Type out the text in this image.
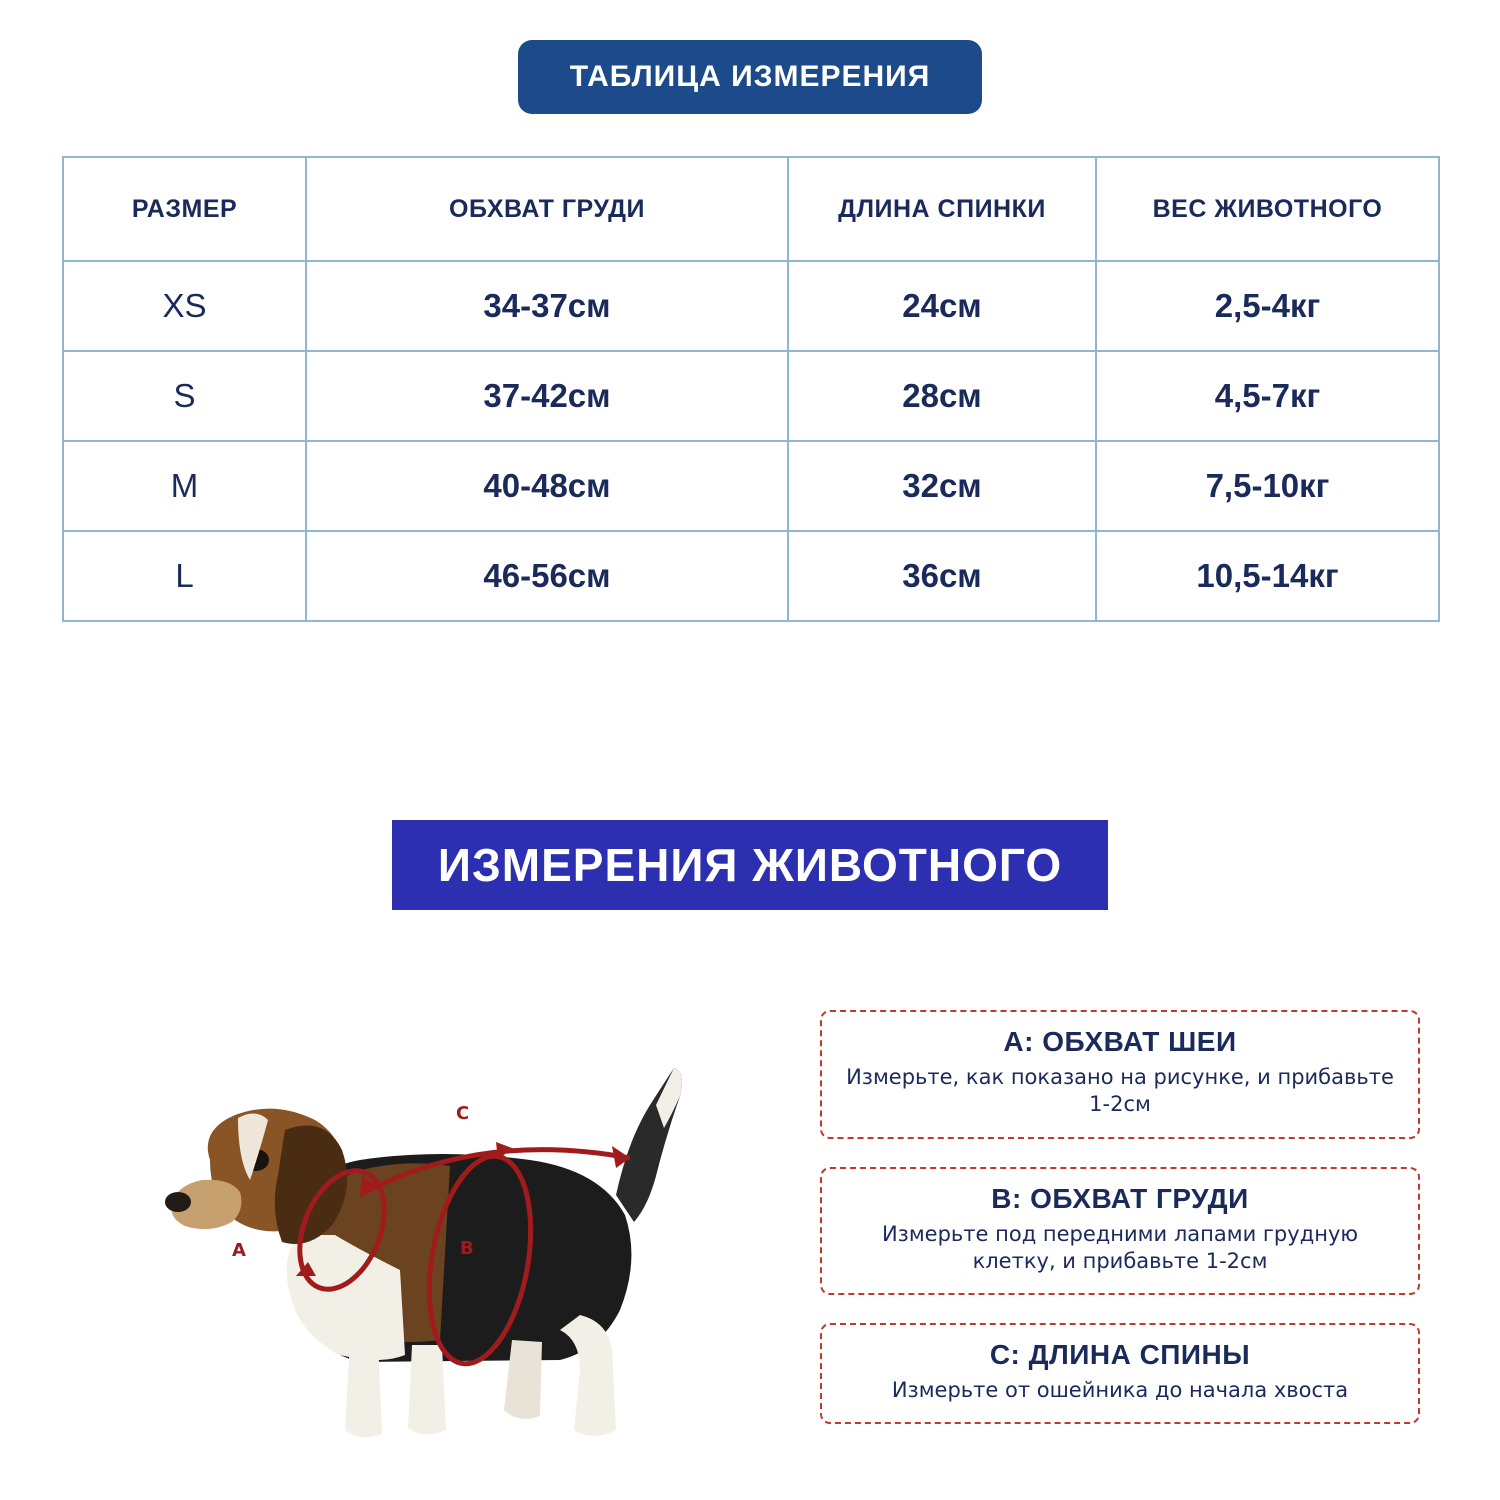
ТАБЛИЦА ИЗМЕРЕНИЯ
РАЗМЕР	ОБХВАТ ГРУДИ	ДЛИНА СПИНКИ	ВЕС ЖИВОТНОГО
XS	34-37см	24см	2,5-4кг
S	37-42см	28см	4,5-7кг
M	40-48см	32см	7,5-10кг
L	46-56см	36см	10,5-14кг
ИЗМЕРЕНИЯ ЖИВОТНОГО
A	B
C
A: ОБХВАТ ШЕИ
Измерьте, как показано на рисунке, и прибавьте 1-2см
B: ОБХВАТ ГРУДИ
Измерьте под передними лапами грудную клетку, и прибавьте 1-2см
C: ДЛИНА СПИНЫ
Измерьте от ошейника до начала хвоста
